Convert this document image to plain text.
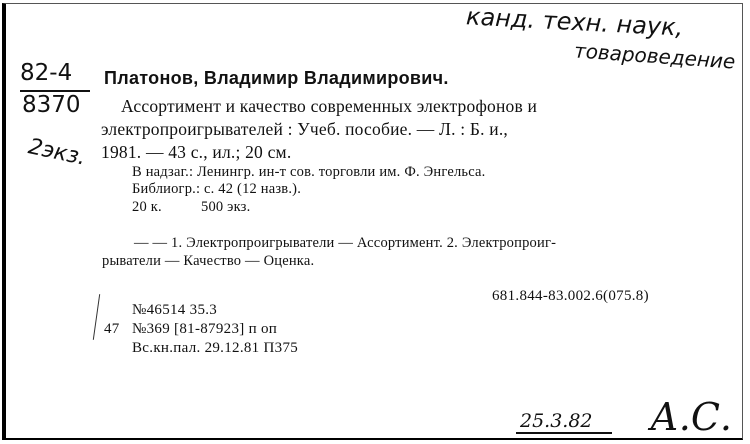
канд. техн. наук,
товароведение
82-4
8370
2экз.
Платонов, Владимир Владимирович.
Ассортимент и качество современных электрофонов и
электропроигрывателей : Учеб. пособие. — Л. : Б. и.,
1981. — 43 с., ил.; 20 см.
В надзаг.: Ленингр. ин-т сов. торговли им. Ф. Энгельса.
Библиогр.: с. 42 (12 назв.).
20 к.	500 экз.
— — 1. Электропроигрыватели — Ассортимент. 2. Электропроиг-
рыватели — Качество — Оценка.
681.844-83.002.6(075.8)
№46514 35.3
47 №369 [81-87923] п оп
Вс.кн.пал. 29.12.81 П375
25.3.82 А.С.
